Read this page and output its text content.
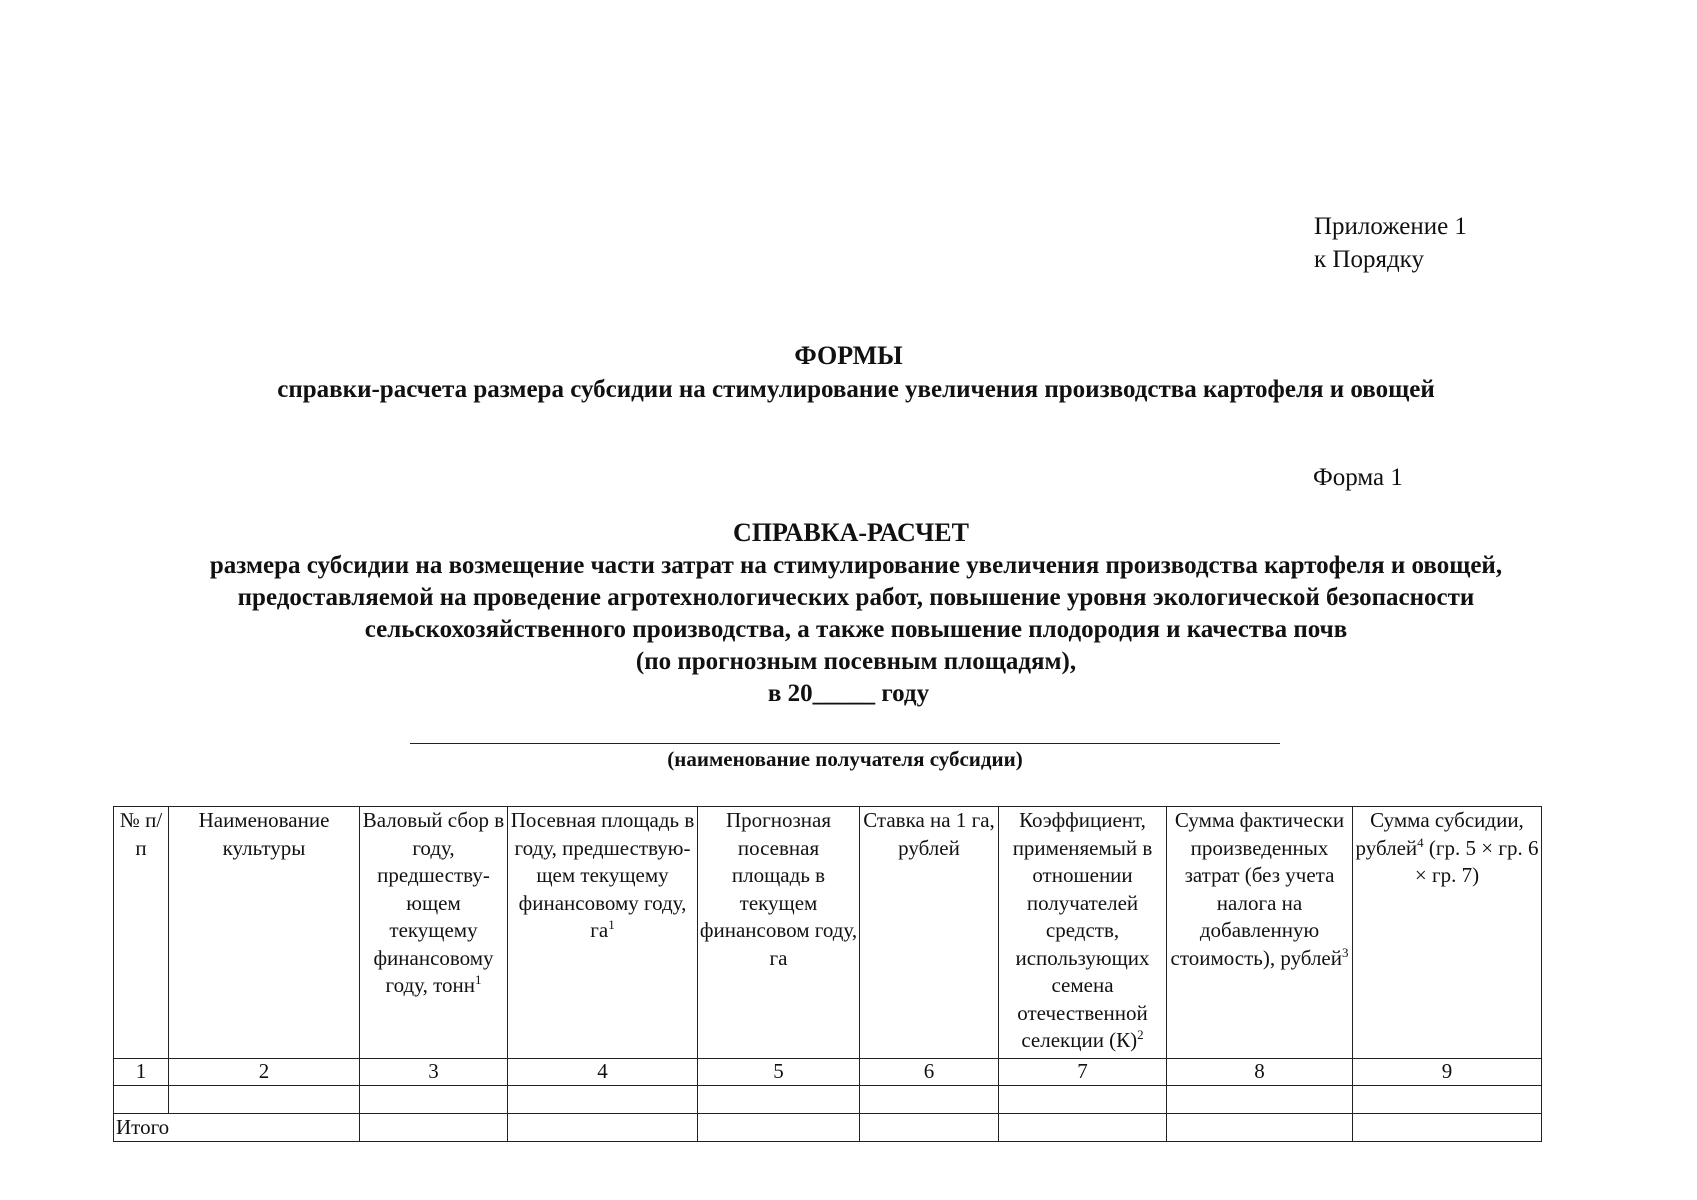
Приложение 1
к Порядку
ФОРМЫ
справки-расчета размера субсидии на стимулирование увеличения производства картофеля и овощей
Форма 1
СПРАВКА-РАСЧЕТ
размера субсидии на возмещение части затрат на стимулирование увеличения производства картофеля и овощей,
предоставляемой на проведение агротехнологических работ, повышение уровня экологической безопасности
сельскохозяйственного производства, а также повышение плодородия и качества почв
(по прогнозным посевным площадям),
в 20_____ году
(наименование получателя субсидии)
№ п/п	Наименование культуры	Валовый сбор в году, предшеству-ющем текущему финансовому году, тонн$^1$	Посевная площадь в году, предшествую-щем текущему финансовому году, $га^1$	Прогнозная посевная площадь в текущем финансовом году, га	Ставка на 1 га, рублей	Коэффициент, применяемый в отношении получателей средств, использующих семена отечественной селекции $(К)^2$	Сумма фактически произведенных затрат (без учета налога на добавленную стоимость), рублей$^3$	Сумма субсидии, рублей$^4$ (гр. 5 × гр. 6 × гр. 7)
1	2	3	4	5	6	7	8	9

Итого								
